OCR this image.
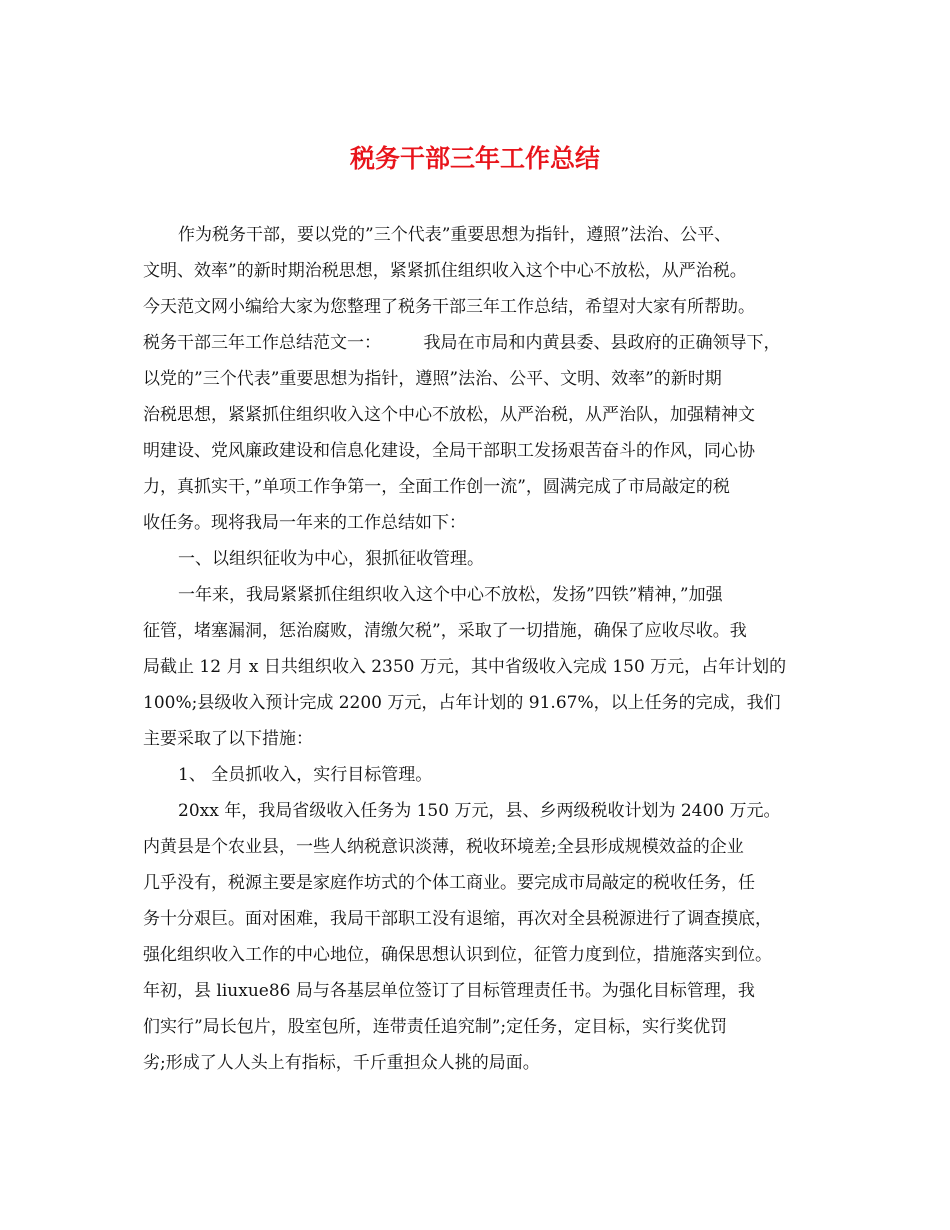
税务干部三年工作总结
作为税务干部，要以党的”三个代表”重要思想为指针，遵照”法治、公平、
文明、效率”的新时期治税思想，紧紧抓住组织收入这个中心不放松，从严治税。
今天范文网小编给大家为您整理了税务干部三年工作总结，希望对大家有所帮助。
税务干部三年工作总结范文一：　　　我局在市局和内黄县委、县政府的正确领导下，
以党的”三个代表”重要思想为指针，遵照”法治、公平、文明、效率”的新时期
治税思想，紧紧抓住组织收入这个中心不放松，从严治税，从严治队，加强精神文
明建设、党风廉政建设和信息化建设，全局干部职工发扬艰苦奋斗的作风，同心协
力，真抓实干，”单项工作争第一，全面工作创一流”，圆满完成了市局敲定的税
收任务。现将我局一年来的工作总结如下：
一、以组织征收为中心，狠抓征收管理。
一年来，我局紧紧抓住组织收入这个中心不放松，发扬”四铁”精神，”加强
征管，堵塞漏洞，惩治腐败，清缴欠税”，采取了一切措施，确保了应收尽收。我
局截止 12 月 x 日共组织收入 2350 万元，其中省级收入完成 150 万元，占年计划的
100%;县级收入预计完成 2200 万元，占年计划的 91.67%，以上任务的完成，我们
主要采取了以下措施：
1、 全员抓收入，实行目标管理。
20xx 年，我局省级收入任务为 150 万元，县、乡两级税收计划为 2400 万元。
内黄县是个农业县，一些人纳税意识淡薄，税收环境差;全县形成规模效益的企业
几乎没有，税源主要是家庭作坊式的个体工商业。要完成市局敲定的税收任务，任
务十分艰巨。面对困难，我局干部职工没有退缩，再次对全县税源进行了调查摸底，
强化组织收入工作的中心地位，确保思想认识到位，征管力度到位，措施落实到位。
年初，县 liuxue86 局与各基层单位签订了目标管理责任书。为强化目标管理，我
们实行”局长包片，股室包所，连带责任追究制”;定任务，定目标，实行奖优罚
劣;形成了人人头上有指标，千斤重担众人挑的局面。
